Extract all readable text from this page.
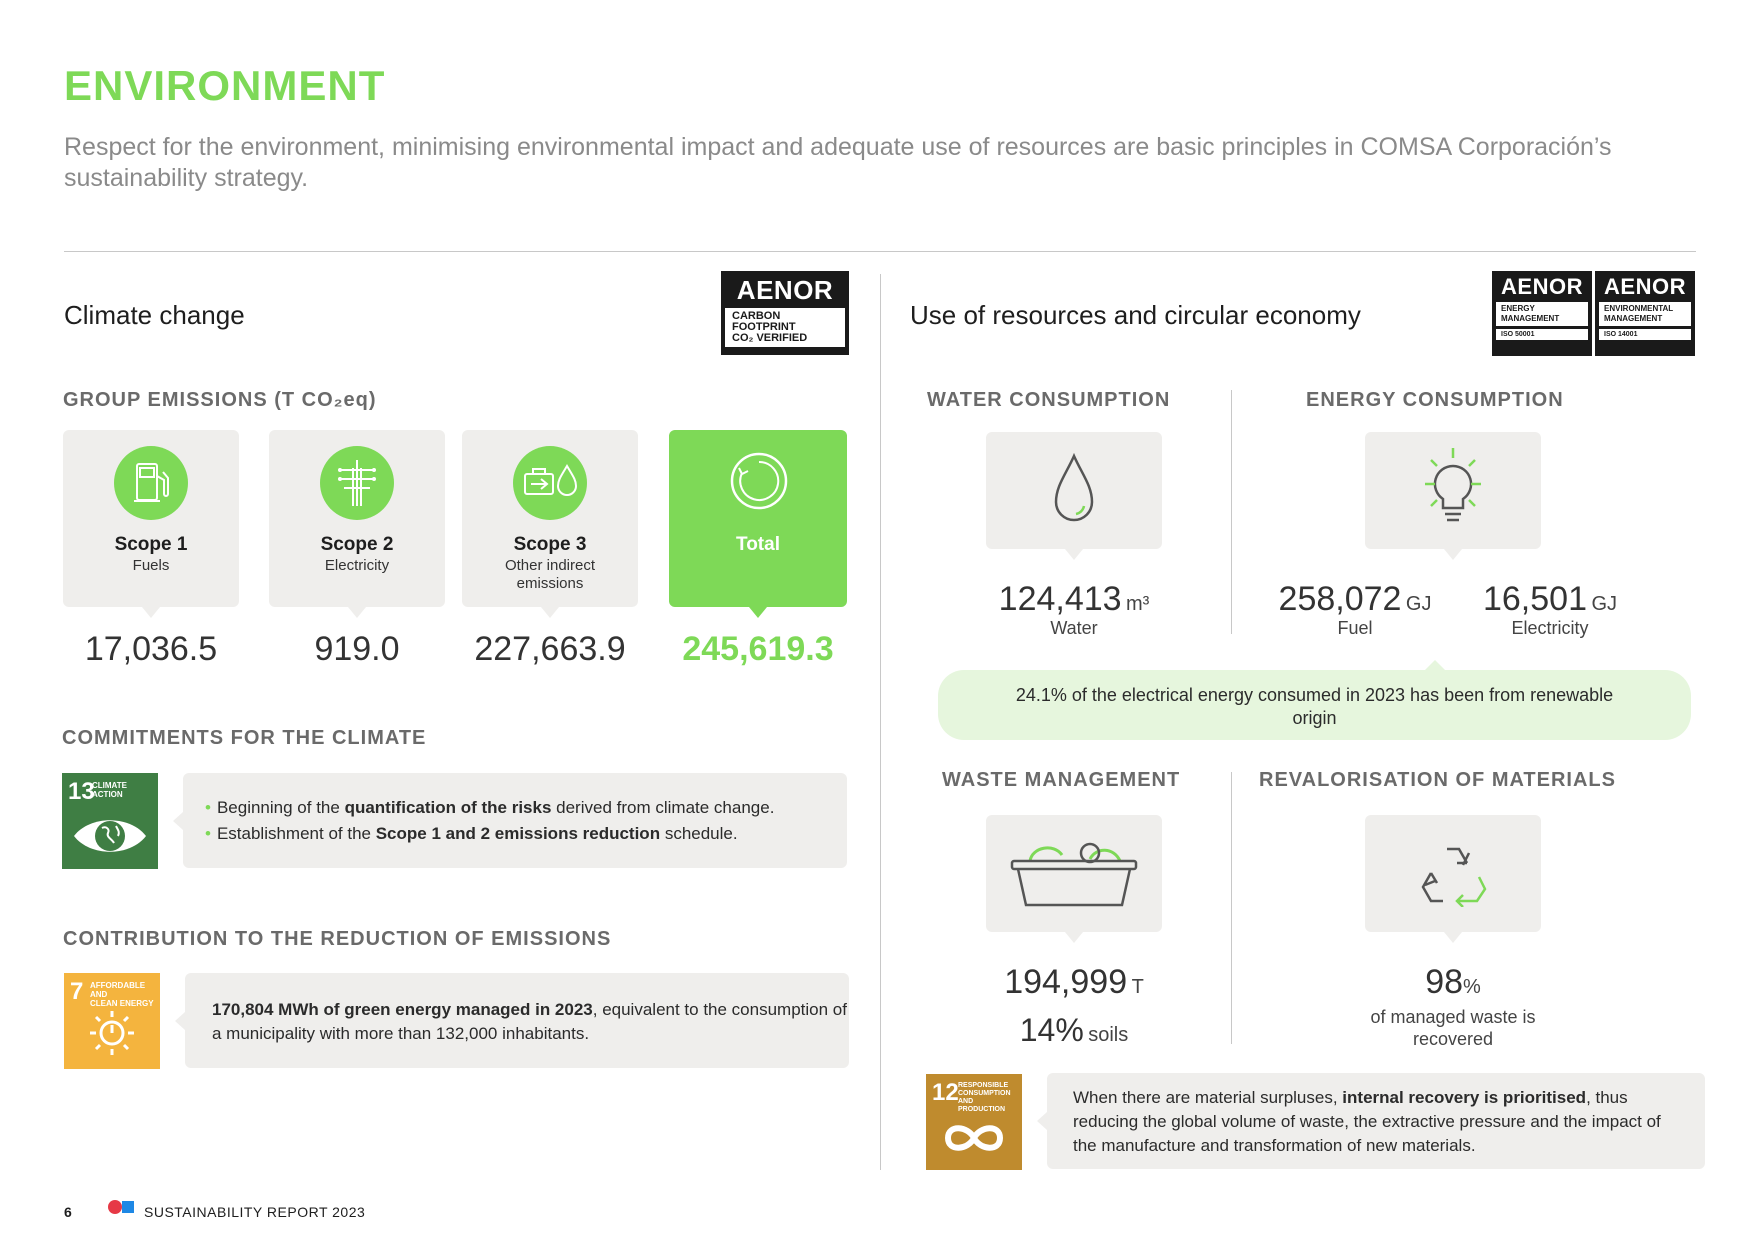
ENVIRONMENT
Respect for the environment, minimising environmental impact and adequate use of resources are basic principles in COMSA Corporación’s sustainability strategy.
Climate change
AENOR
CARBON
FOOTPRINT
CO₂ VERIFIED
GROUP EMISSIONS (T CO₂eq)
Scope 1
Fuels
17,036.5
Scope 2
Electricity
919.0
Scope 3
Other indirect emissions
227,663.9
Total
245,619.3
COMMITMENTS FOR THE CLIMATE
13
CLIMATE
ACTION
• Beginning of the quantification of the risks derived from climate change.
• Establishment of the Scope 1 and 2 emissions reduction schedule.
CONTRIBUTION TO THE REDUCTION OF EMISSIONS
7 AFFORDABLE AND
CLEAN ENERGY	170,804 MWh of green energy managed in 2023, equivalent to the consumption of a municipality with more than 132,000 inhabitants.
Use of resources and circular economy
AENOR
ENERGY
MANAGEMENT
ISO 50001
AENOR
ENVIRONMENTAL
MANAGEMENT
ISO 14001
WATER CONSUMPTION
124,413 m³
Water
ENERGY CONSUMPTION
258,072 GJ
Fuel
16,501 GJ
Electricity
24.1% of the electrical energy consumed in 2023 has been from renewable origin
WASTE MANAGEMENT
194,999 T
14% soils
REVALORISATION OF MATERIALS
98%
of managed waste is recovered
12 RESPONSIBLE
CONSUMPTION
AND PRODUCTION
When there are material surpluses, internal recovery is prioritised, thus reducing the global volume of waste, the extractive pressure and the impact of the manufacture and transformation of new materials.
6	SUSTAINABILITY REPORT 2023
